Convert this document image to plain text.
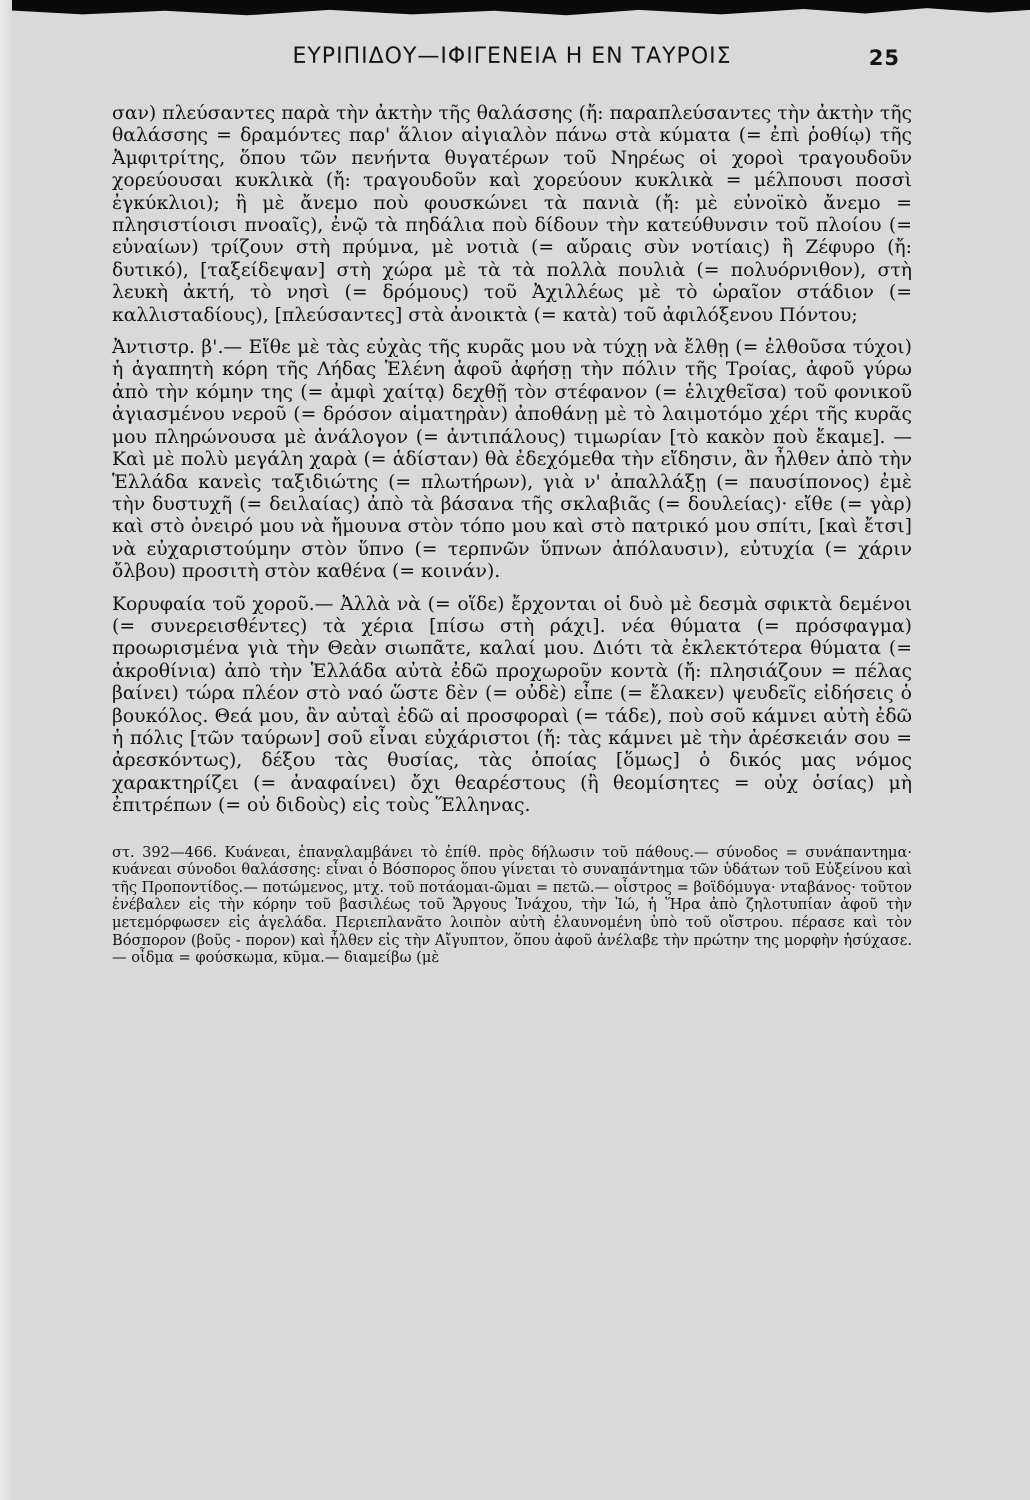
ΕΥΡΙΠΙΔΟΥ—ΙΦΙΓΕΝΕΙΑ Η ΕΝ ΤΑΥΡΟΙΣ	25

σαν) πλεύσαντες παρὰ τὴν ἀκτὴν τῆς θαλάσσης (ἤ: παραπλεύσαντες τὴν ἀκτὴν τῆς θαλάσσης = δραμόντες παρ' ἅλιον αἰγιαλὸν πάνω στὰ κύματα (= ἐπὶ ῥοθίῳ) τῆς Ἀμφιτρίτης, ὅπου τῶν πενήντα θυγατέρων τοῦ Νηρέως οἱ χοροὶ τραγουδοῦν χορεύουσαι κυκλικὰ (ἤ: τραγουδοῦν καὶ χορεύουν κυκλικὰ = μέλπουσι ποσσὶ ἐγκύκλιοι); ἢ μὲ ἄνεμο ποὺ φουσκώνει τὰ πανιὰ (ἤ: μὲ εὐνοϊκὸ ἄνεμο = πλησιστίοισι πνοαῖς), ἐνῷ τὰ πηδάλια ποὺ δίδουν τὴν κατεύθυνσιν τοῦ πλοίου (= εὐναίων) τρίζουν στὴ πρύμνα, μὲ νοτιὰ (= αὔραις σὺν νοτίαις) ἢ Ζέφυρο (ἤ: δυτικό), [ταξείδεψαν] στὴ χώρα μὲ τὰ τὰ πολλὰ πουλιὰ (= πολυόρνιθον), στὴ λευκὴ ἀκτή, τὸ νησὶ (= δρόμους) τοῦ Ἀχιλλέως μὲ τὸ ὡραῖον στάδιον (= καλλισταδίους), [πλεύσαντες] στὰ ἀνοικτὰ (= κατὰ) τοῦ ἀφιλόξενου Πόντου;

Ἀντιστρ. β'.— Εἴθε μὲ τὰς εὐχὰς τῆς κυρᾶς μου νὰ τύχῃ νὰ ἔλθῃ (= ἐλθοῦσα τύχοι) ἡ ἀγαπητὴ κόρη τῆς Λήδας Ἑλένη ἀφοῦ ἀφήσῃ τὴν πόλιν τῆς Τροίας, ἀφοῦ γύρω ἀπὸ τὴν κόμην της (= ἀμφὶ χαίτᾳ) δεχθῇ τὸν στέφανον (= ἑλιχθεῖσα) τοῦ φονικοῦ ἀγιασμένου νεροῦ (= δρόσον αἱματηρὰν) ἀποθάνῃ μὲ τὸ λαιμοτόμο χέρι τῆς κυρᾶς μου πληρώνουσα μὲ ἀνάλογον (= ἀντιπάλους) τιμωρίαν [τὸ κακὸν ποὺ ἔκαμε]. — Καὶ μὲ πολὺ μεγάλη χαρὰ (= ἁδίσταν) θὰ ἐδεχόμεθα τὴν εἴδησιν, ἂν ἦλθεν ἀπὸ τὴν Ἑλλάδα κανεὶς ταξιδιώτης (= πλωτήρων), γιὰ ν' ἀπαλλάξῃ (= παυσίπονος) ἐμὲ τὴν δυστυχῆ (= δειλαίας) ἀπὸ τὰ βάσανα τῆς σκλαβιᾶς (= δουλείας)· εἴθε (= γὰρ) καὶ στὸ ὀνειρό μου νὰ ἤμουνα στὸν τόπο μου καὶ στὸ πατρικό μου σπίτι, [καὶ ἔτσι] νὰ εὐχαριστούμην στὸν ὕπνο (= τερπνῶν ὕπνων ἀπόλαυσιν), εὐτυχία (= χάριν ὄλβου) προσιτὴ στὸν καθένα (= κοινάν).

Κορυφαία τοῦ χοροῦ.— Ἀλλὰ νὰ (= οἵδε) ἔρχονται οἱ δυὸ μὲ δεσμὰ σφικτὰ δεμένοι (= συνερεισθέντες) τὰ χέρια [πίσω στὴ ράχι]. νέα θύματα (= πρόσφαγμα) προωρισμένα γιὰ τὴν Θεὰν σιωπᾶτε, καλαί μου. Διότι τὰ ἐκλεκτότερα θύματα (= ἀκροθίνια) ἀπὸ τὴν Ἑλλάδα αὐτὰ ἐδῶ προχωροῦν κοντὰ (ἤ: πλησιάζουν = πέλας βαίνει) τώρα πλέον στὸ ναό ὥστε δὲν (= οὐδὲ) εἶπε (= ἔλακεν) ψευδεῖς εἰδήσεις ὁ βουκόλος. Θεά μου, ἂν αὐταὶ ἐδῶ αἱ προσφοραὶ (= τάδε), ποὺ σοῦ κάμνει αὐτὴ ἐδῶ ἡ πόλις [τῶν ταύρων] σοῦ εἶναι εὐχάριστοι (ἤ: τὰς κάμνει μὲ τὴν ἀρέσκειάν σου = ἀρεσκόντως), δέξου τὰς θυσίας, τὰς ὁποίας [ὅμως] ὁ δικός μας νόμος χαρακτηρίζει (= ἀναφαίνει) ὄχι θεαρέστους (ἢ θεομίσητες = οὐχ ὁσίας) μὴ ἐπιτρέπων (= οὐ διδοὺς) εἰς τοὺς Ἕλληνας.

στ. 392—466. Κυάνεαι, ἐπαναλαμβάνει τὸ ἐπίθ. πρὸς δήλωσιν τοῦ πάθους.— σύνοδος = συνάπαντημα· κυάνεαι σύνοδοι θαλάσσης: εἶναι ὁ Βόσπορος ὅπου γίνεται τὸ συναπάντημα τῶν ὑδάτων τοῦ Εὐξείνου καὶ τῆς Προποντίδος.— ποτώμενος, μτχ. τοῦ ποτάομαι-ῶμαι = πετῶ.— οἶστρος = βοϊδόμυγα· νταβάνος· τοῦτον ἐνέβαλεν εἰς τὴν κόρην τοῦ βασιλέως τοῦ Ἄργους Ἰνάχου, τὴν Ἰώ, ἡ Ἥρα ἀπὸ ζηλοτυπίαν ἀφοῦ τὴν μετεμόρφωσεν εἰς ἀγελάδα. Περιεπλανᾶτο λοιπὸν αὐτὴ ἐλαυνομένη ὑπὸ τοῦ οἴστρου. πέρασε καὶ τὸν Βόσπορον (βοῦς - πορον) καὶ ἦλθεν εἰς τὴν Αἴγυπτον, ὅπου ἀφοῦ ἀνέλαβε τὴν πρώτην της μορφὴν ἡσύχασε.— οἶδμα = φούσκωμα, κῦμα.— διαμείβω (μὲ
